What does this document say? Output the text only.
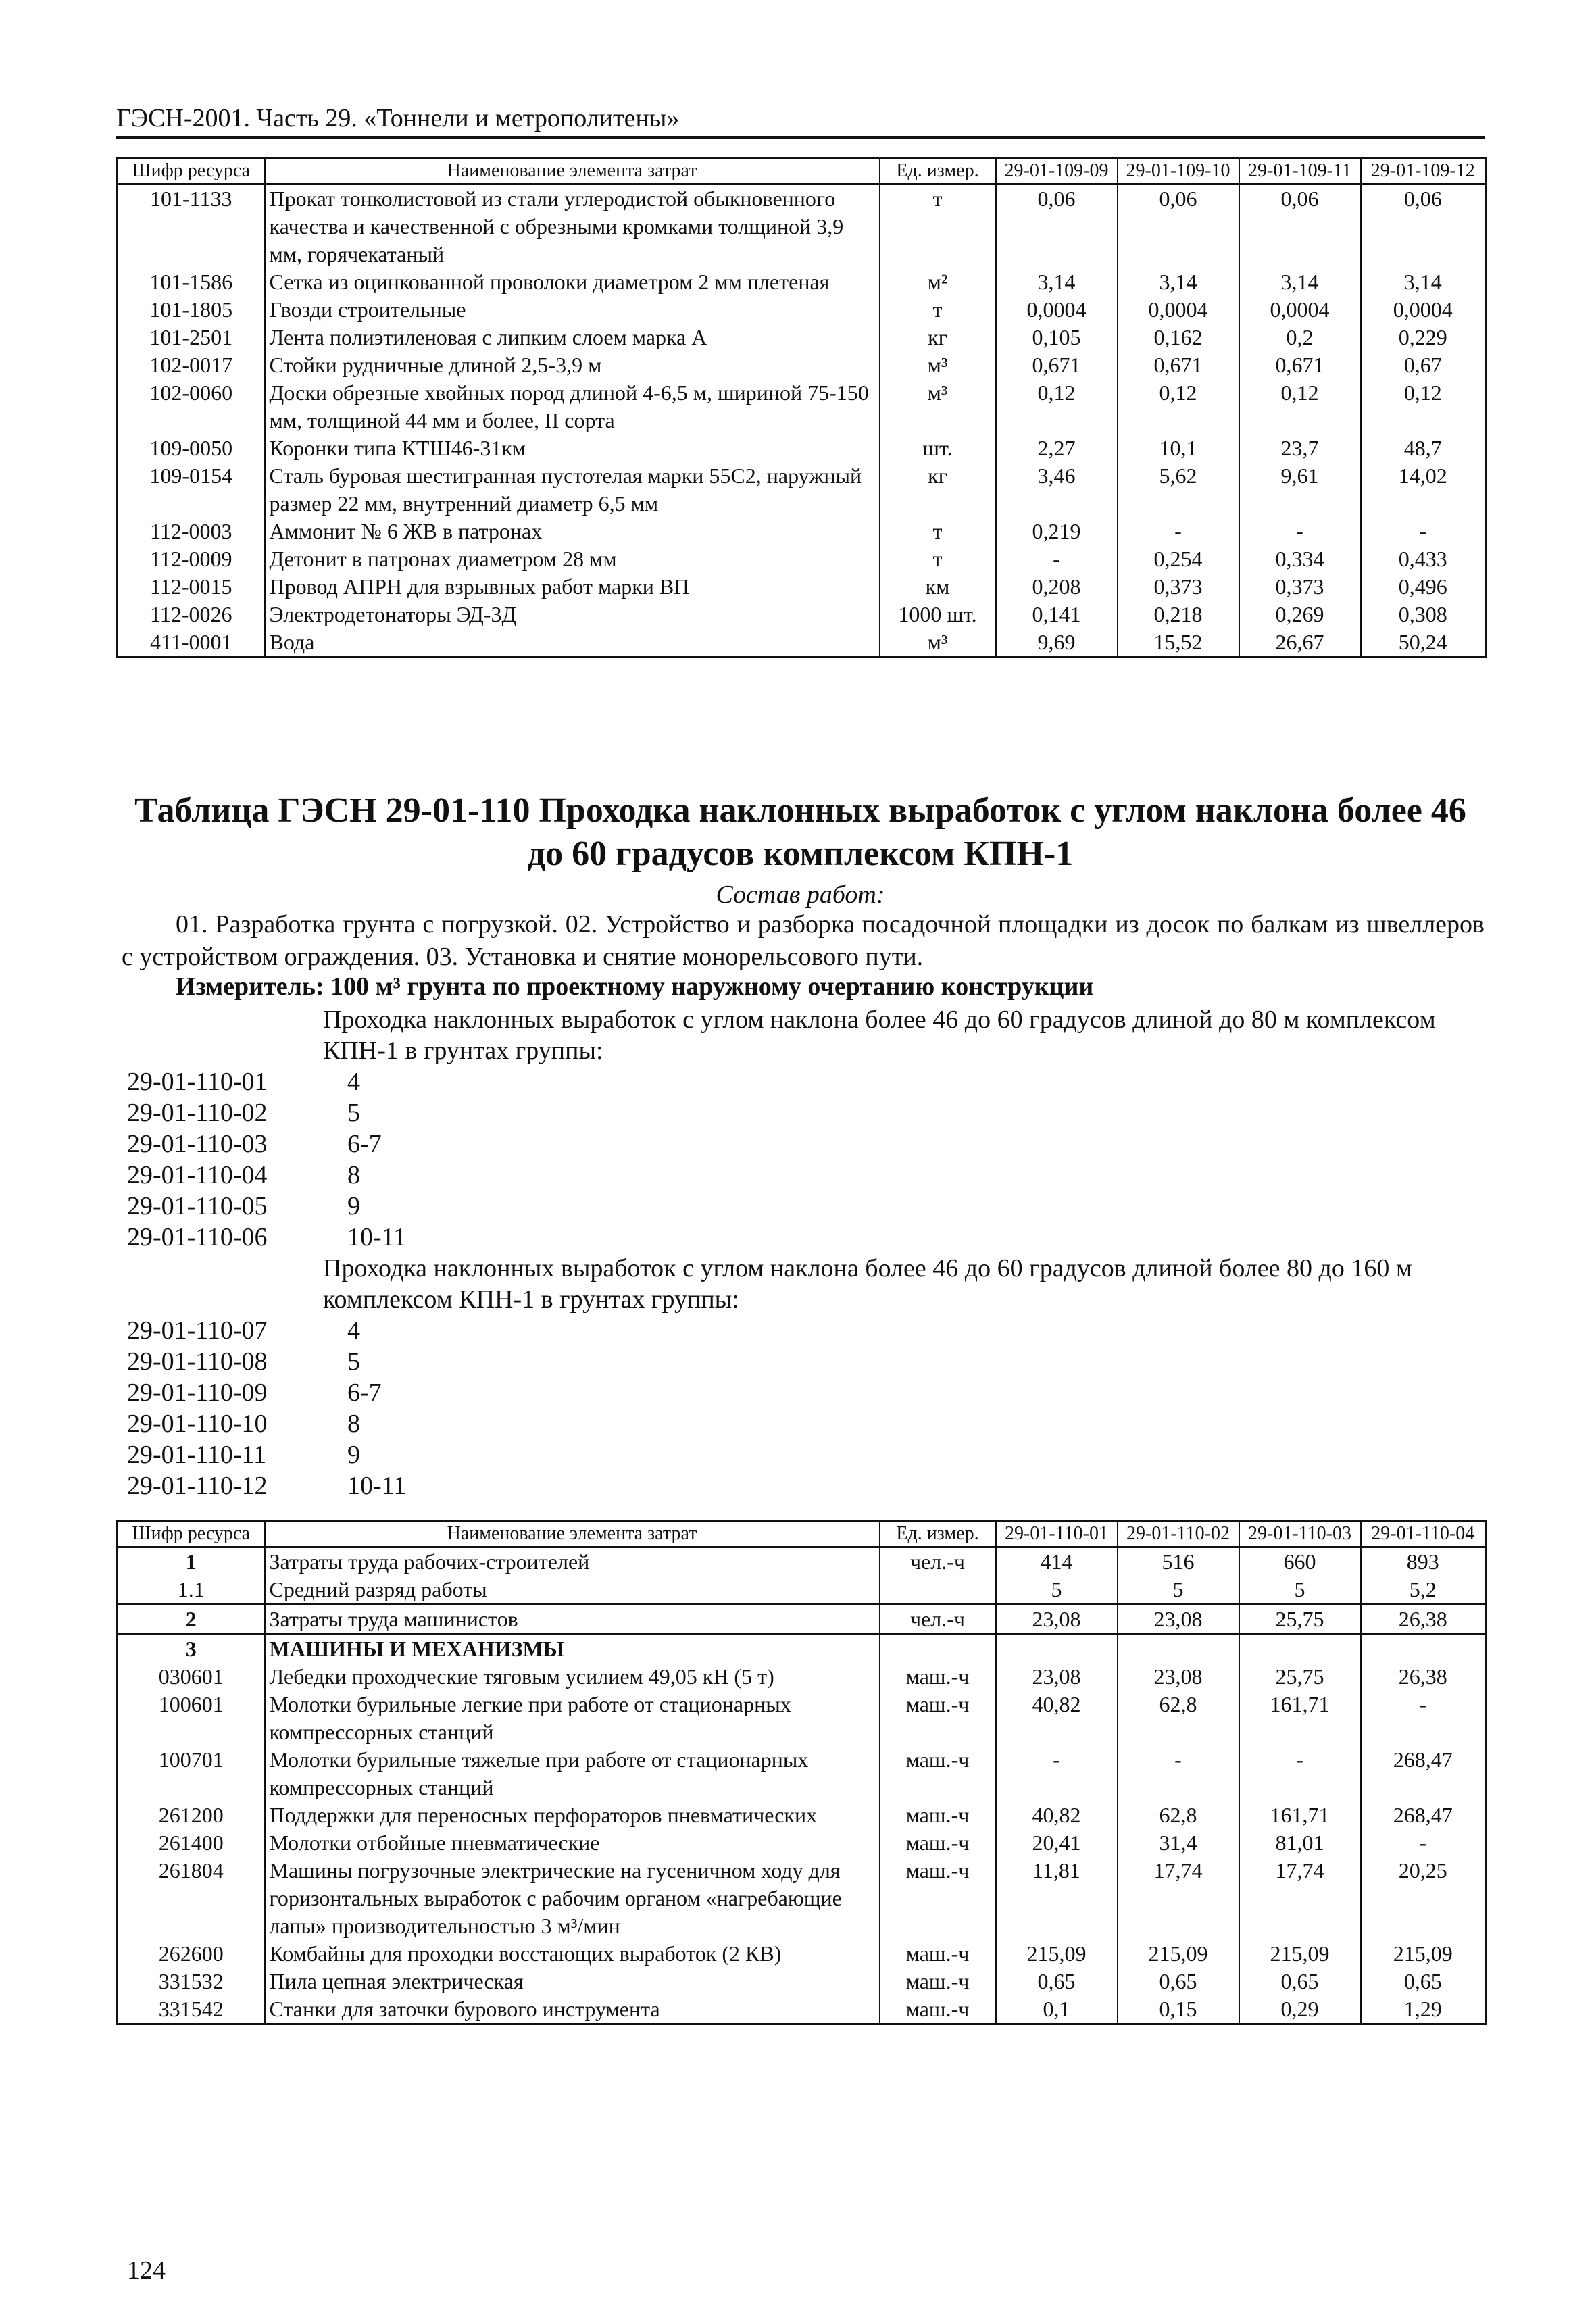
ГЭСН-2001. Часть 29. «Тоннели и метрополитены»
Шифр ресурса	Наименование элемента затрат	Ед. измер.	29-01-109-09	29-01-109-10	29-01-109-11	29-01-109-12
101-1133	Прокат тонколистовой из стали углеродистой обыкновенного качества и качественной с обрезными кромками толщиной 3,9 мм, горячекатаный	т	0,06	0,06	0,06	0,06
101-1586	Сетка из оцинкованной проволоки диаметром 2 мм плетеная	м²	3,14	3,14	3,14	3,14
101-1805	Гвозди строительные	т	0,0004	0,0004	0,0004	0,0004
101-2501	Лента полиэтиленовая с липким слоем марка А	кг	0,105	0,162	0,2	0,229
102-0017	Стойки рудничные длиной 2,5-3,9 м	м³	0,671	0,671	0,671	0,67
102-0060	Доски обрезные хвойных пород длиной 4-6,5 м, шириной 75-150 мм, толщиной 44 мм и более, II сорта	м³	0,12	0,12	0,12	0,12
109-0050	Коронки типа КТШ46-31км	шт.	2,27	10,1	23,7	48,7
109-0154	Сталь буровая шестигранная пустотелая марки 55С2, наружный размер 22 мм, внутренний диаметр 6,5 мм	кг	3,46	5,62	9,61	14,02
112-0003	Аммонит № 6 ЖВ в патронах	т	0,219	-	-	-
112-0009	Детонит в патронах диаметром 28 мм	т	-	0,254	0,334	0,433
112-0015	Провод АПРН для взрывных работ марки ВП	км	0,208	0,373	0,373	0,496
112-0026	Электродетонаторы ЭД-3Д	1000 шт.	0,141	0,218	0,269	0,308
411-0001	Вода	м³	9,69	15,52	26,67	50,24
Таблица ГЭСН 29-01-110 Проходка наклонных выработок с углом наклона более 46 до 60 градусов комплексом КПН-1
Состав работ:
01. Разработка грунта с погрузкой. 02. Устройство и разборка посадочной площадки из досок по балкам из швеллеров с устройством ограждения. 03. Установка и снятие монорельсового пути.
Измеритель: 100 м³ грунта по проектному наружному очертанию конструкции
Проходка наклонных выработок с углом наклона более 46 до 60 градусов длиной до 80 м комплексом КПН-1 в грунтах группы:
29-01-110-01	4
29-01-110-02	5
29-01-110-03	6-7
29-01-110-04	8
29-01-110-05	9
29-01-110-06	10-11
Проходка наклонных выработок с углом наклона более 46 до 60 градусов длиной более 80 до 160 м комплексом КПН-1 в грунтах группы:
29-01-110-07	4
29-01-110-08	5
29-01-110-09	6-7
29-01-110-10	8
29-01-110-11	9
29-01-110-12	10-11
Шифр ресурса	Наименование элемента затрат	Ед. измер.	29-01-110-01	29-01-110-02	29-01-110-03	29-01-110-04
1	Затраты труда рабочих-строителей	чел.-ч	414	516	660	893
1.1	Средний разряд работы		5	5	5	5,2
2	Затраты труда машинистов	чел.-ч	23,08	23,08	25,75	26,38
3	МАШИНЫ И МЕХАНИЗМЫ					
030601	Лебедки проходческие тяговым усилием 49,05 кН (5 т)	маш.-ч	23,08	23,08	25,75	26,38
100601	Молотки бурильные легкие при работе от стационарных компрессорных станций	маш.-ч	40,82	62,8	161,71	-
100701	Молотки бурильные тяжелые при работе от стационарных компрессорных станций	маш.-ч	-	-	-	268,47
261200	Поддержки для переносных перфораторов пневматических	маш.-ч	40,82	62,8	161,71	268,47
261400	Молотки отбойные пневматические	маш.-ч	20,41	31,4	81,01	-
261804	Машины погрузочные электрические на гусеничном ходу для горизонтальных выработок с рабочим органом «нагребающие лапы» производительностью 3 м³/мин	маш.-ч	11,81	17,74	17,74	20,25
262600	Комбайны для проходки восстающих выработок (2 КВ)	маш.-ч	215,09	215,09	215,09	215,09
331532	Пила цепная электрическая	маш.-ч	0,65	0,65	0,65	0,65
331542	Станки для заточки бурового инструмента	маш.-ч	0,1	0,15	0,29	1,29
124
